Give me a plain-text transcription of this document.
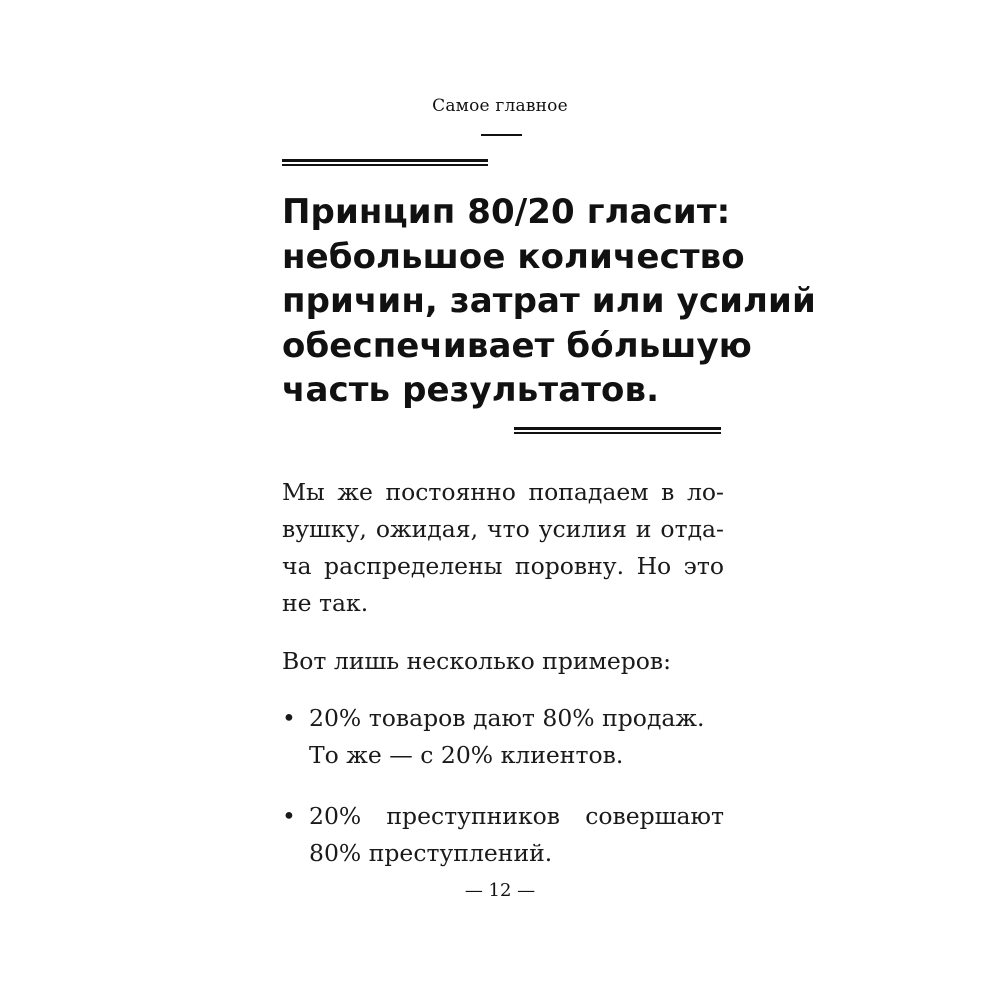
Самое главное
Принцип 80/20 гласит:
небольшое количество
причин, затрат или усилий
обеспечивает бóльшую
часть результатов.

Мы же постоянно попадаем в ло-
вушку, ожидая, что усилия и отда-
ча распределены поровну. Но это
не так.

Вот лишь несколько примеров:

• 20% товаров дают 80% продаж.
То же — с 20% клиентов.
• 20% преступников совершают
80% преступлений.
— 12 —
